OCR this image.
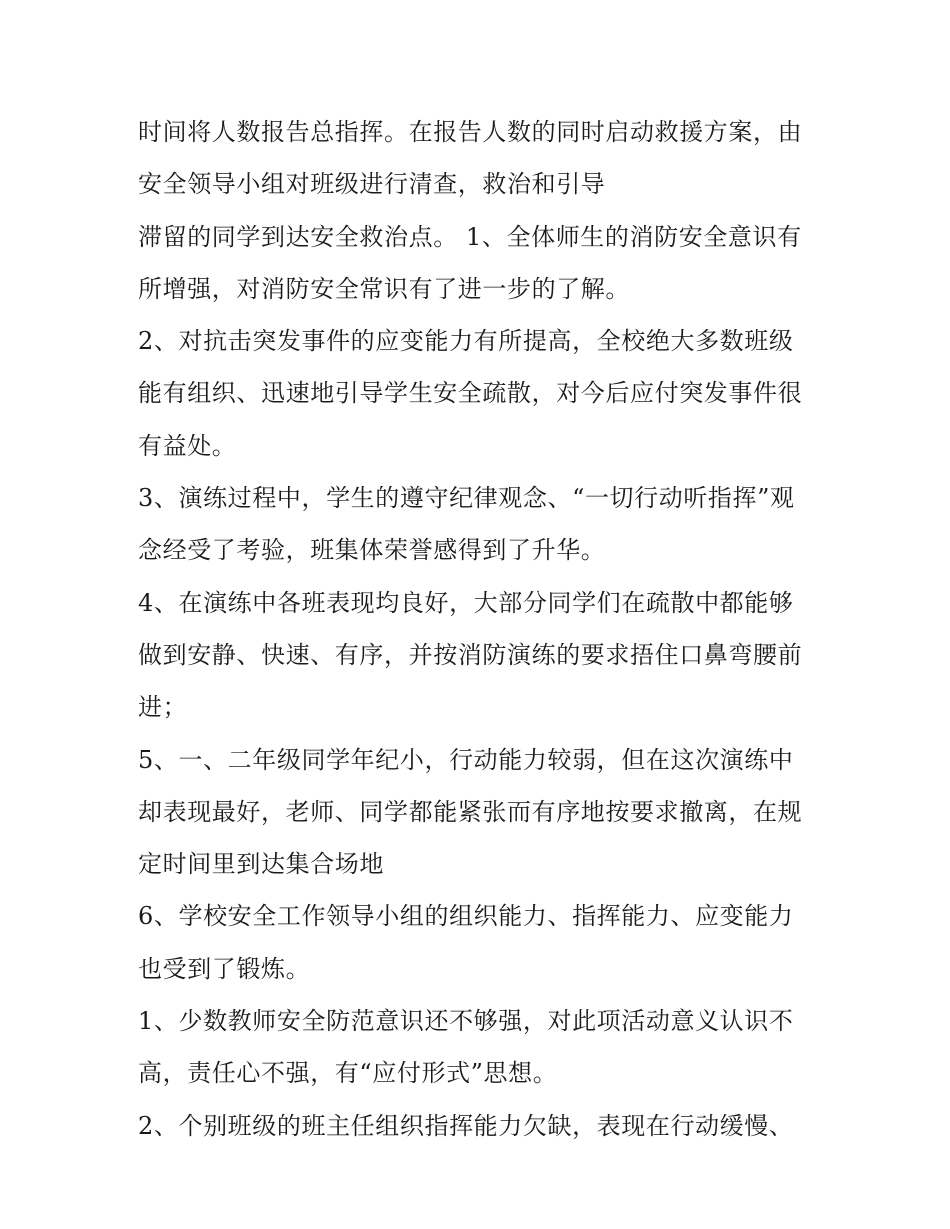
时间将人数报告总指挥。在报告人数的同时启动救援方案，由
安全领导小组对班级进行清查，救治和引导
滞留的同学到达安全救治点。 1、全体师生的消防安全意识有
所增强，对消防安全常识有了进一步的了解。
2、对抗击突发事件的应变能力有所提高，全校绝大多数班级
能有组织、迅速地引导学生安全疏散，对今后应付突发事件很
有益处。
3、演练过程中，学生的遵守纪律观念、“一切行动听指挥”观
念经受了考验，班集体荣誉感得到了升华。
4、在演练中各班表现均良好，大部分同学们在疏散中都能够
做到安静、快速、有序，并按消防演练的要求捂住口鼻弯腰前
进；
5、一、二年级同学年纪小，行动能力较弱，但在这次演练中
却表现最好，老师、同学都能紧张而有序地按要求撤离，在规
定时间里到达集合场地
6、学校安全工作领导小组的组织能力、指挥能力、应变能力
也受到了锻炼。
1、少数教师安全防范意识还不够强，对此项活动意义认识不
高，责任心不强，有“应付形式”思想。
2、个别班级的班主任组织指挥能力欠缺，表现在行动缓慢、
